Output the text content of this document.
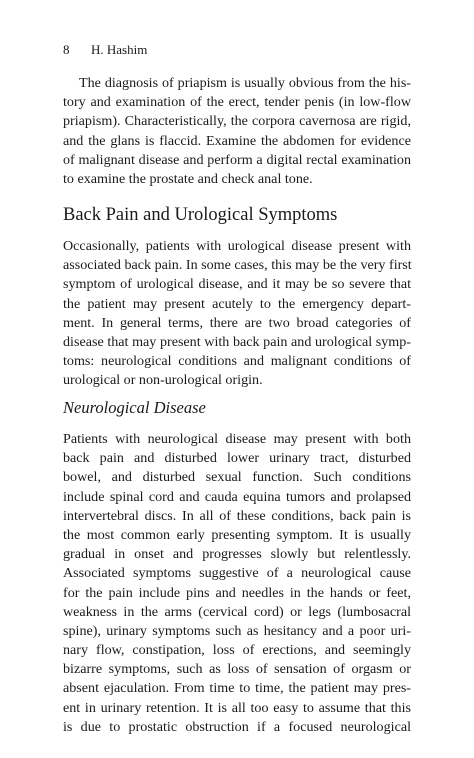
8 H. Hashim
The diagnosis of priapism is usually obvious from the his-
tory and examination of the erect, tender penis (in low-flow
priapism). Characteristically, the corpora cavernosa are rigid,
and the glans is flaccid. Examine the abdomen for evidence
of malignant disease and perform a digital rectal examination
to examine the prostate and check anal tone.
Back Pain and Urological Symptoms
Occasionally, patients with urological disease present with
associated back pain. In some cases, this may be the very first
symptom of urological disease, and it may be so severe that
the patient may present acutely to the emergency depart-
ment. In general terms, there are two broad categories of
disease that may present with back pain and urological symp-
toms: neurological conditions and malignant conditions of
urological or non-urological origin.
Neurological Disease
Patients with neurological disease may present with both
back pain and disturbed lower urinary tract, disturbed
bowel, and disturbed sexual function. Such conditions
include spinal cord and cauda equina tumors and prolapsed
intervertebral discs. In all of these conditions, back pain is
the most common early presenting symptom. It is usually
gradual in onset and progresses slowly but relentlessly.
Associated symptoms suggestive of a neurological cause
for the pain include pins and needles in the hands or feet,
weakness in the arms (cervical cord) or legs (lumbosacral
spine), urinary symptoms such as hesitancy and a poor uri-
nary flow, constipation, loss of erections, and seemingly
bizarre symptoms, such as loss of sensation of orgasm or
absent ejaculation. From time to time, the patient may pres-
ent in urinary retention. It is all too easy to assume that this
is due to prostatic obstruction if a focused neurological
